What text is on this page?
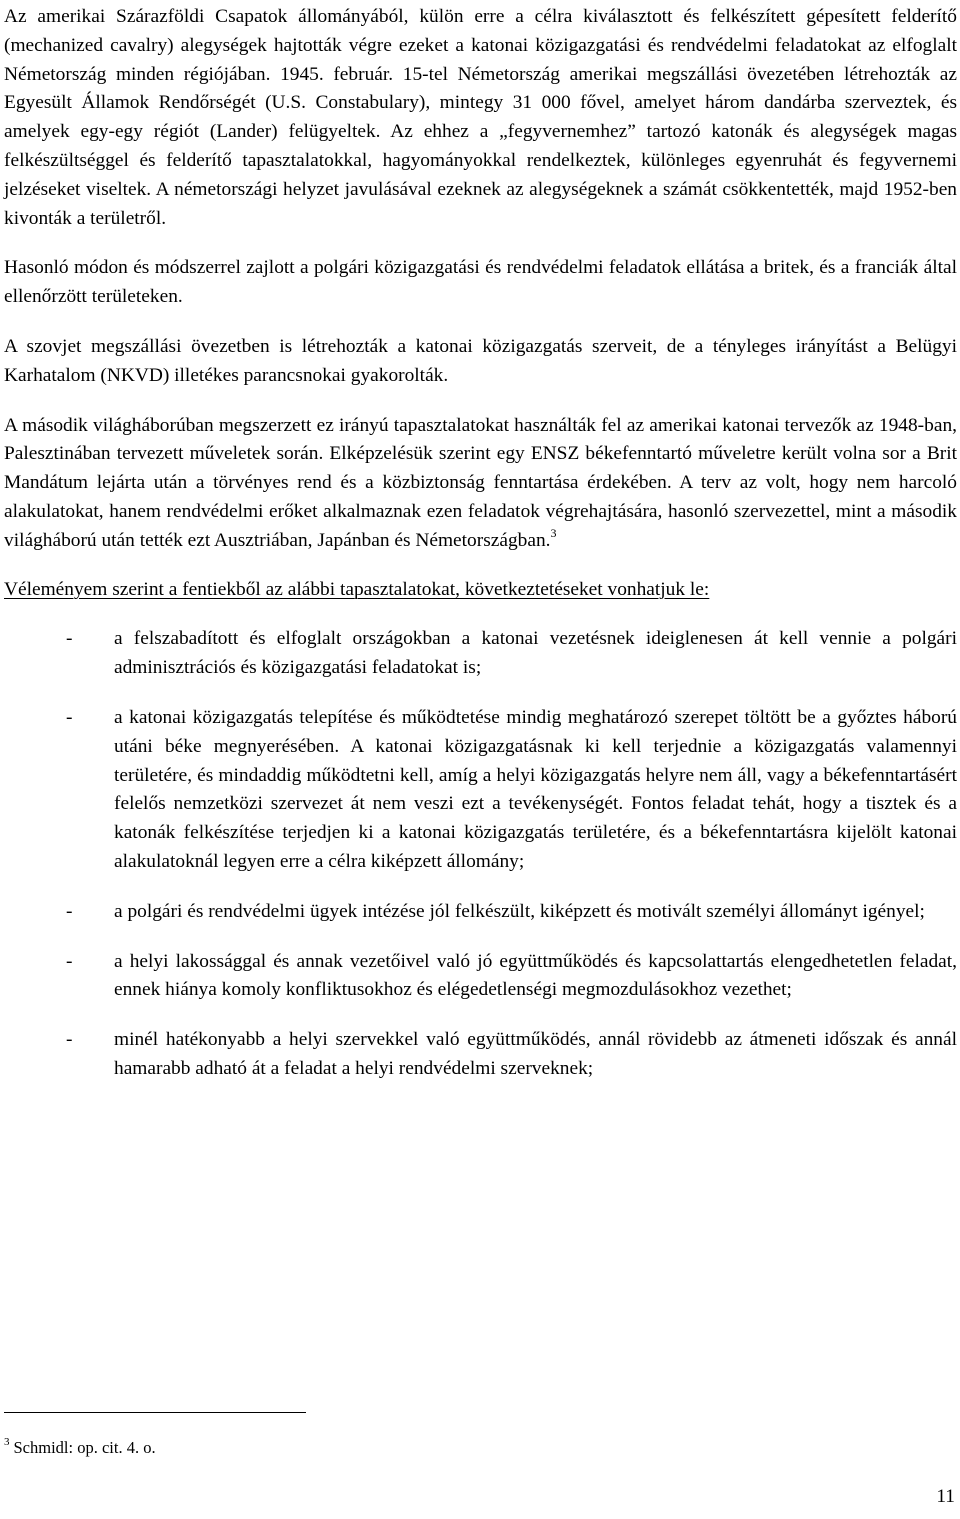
Az amerikai Szárazföldi Csapatok állományából, külön erre a célra kiválasztott és felkészített gépesített felderítő (mechanized cavalry) alegységek hajtották végre ezeket a katonai közigazgatási és rendvédelmi feladatokat az elfoglalt Németország minden régiójában. 1945. február. 15-tel Németország amerikai megszállási övezetében létrehozták az Egyesült Államok Rendőrségét (U.S. Constabulary), mintegy 31 000 fővel, amelyet három dandárba szerveztek, és amelyek egy-egy régiót (Lander) felügyeltek. Az ehhez a „fegyvernemhez” tartozó katonák és alegységek magas felkészültséggel és felderítő tapasztalatokkal, hagyományokkal rendelkeztek, különleges egyenruhát és fegyvernemi jelzéseket viseltek. A németországi helyzet javulásával ezeknek az alegységeknek a számát csökkentették, majd 1952-ben kivonták a területről.

Hasonló módon és módszerrel zajlott a polgári közigazgatási és rendvédelmi feladatok ellátása a britek, és a franciák által ellenőrzött területeken.

A szovjet megszállási övezetben is létrehozták a katonai közigazgatás szerveit, de a tényleges irányítást a Belügyi Karhatalom (NKVD) illetékes parancsnokai gyakorolták.

A második világháborúban megszerzett ez irányú tapasztalatokat használták fel az amerikai katonai tervezők az 1948-ban, Palesztinában tervezett műveletek során. Elképzelésük szerint egy ENSZ békefenntartó műveletre került volna sor a Brit Mandátum lejárta után a törvényes rend és a közbiztonság fenntartása érdekében. A terv az volt, hogy nem harcoló alakulatokat, hanem rendvédelmi erőket alkalmaznak ezen feladatok végrehajtására, hasonló szervezettel, mint a második világháború után tették ezt Ausztriában, Japánban és Németországban.$^3$

Véleményem szerint a fentiekből az alábbi tapasztalatokat, következtetéseket vonhatjuk le:

- a felszabadított és elfoglalt országokban a katonai vezetésnek ideiglenesen át kell vennie a polgári adminisztrációs és közigazgatási feladatokat is;
- a katonai közigazgatás telepítése és működtetése mindig meghatározó szerepet töltött be a győztes háború utáni béke megnyerésében. A katonai közigazgatásnak ki kell terjednie a közigazgatás valamennyi területére, és mindaddig működtetni kell, amíg a helyi közigazgatás helyre nem áll, vagy a békefenntartásért felelős nemzetközi szervezet át nem veszi ezt a tevékenységét. Fontos feladat tehát, hogy a tisztek és a katonák felkészítése terjedjen ki a katonai közigazgatás területére, és a békefenntartásra kijelölt katonai alakulatoknál legyen erre a célra kiképzett állomány;
- a polgári és rendvédelmi ügyek intézése jól felkészült, kiképzett és motivált személyi állományt igényel;
- a helyi lakossággal és annak vezetőivel való jó együttműködés és kapcsolattartás elengedhetetlen feladat, ennek hiánya komoly konfliktusokhoz és elégedetlenségi megmozdulásokhoz vezethet;
- minél hatékonyabb a helyi szervekkel való együttműködés, annál rövidebb az átmeneti időszak és annál hamarabb adható át a feladat a helyi rendvédelmi szerveknek;

$^3$ Schmidl: op. cit. 4. o.

11
